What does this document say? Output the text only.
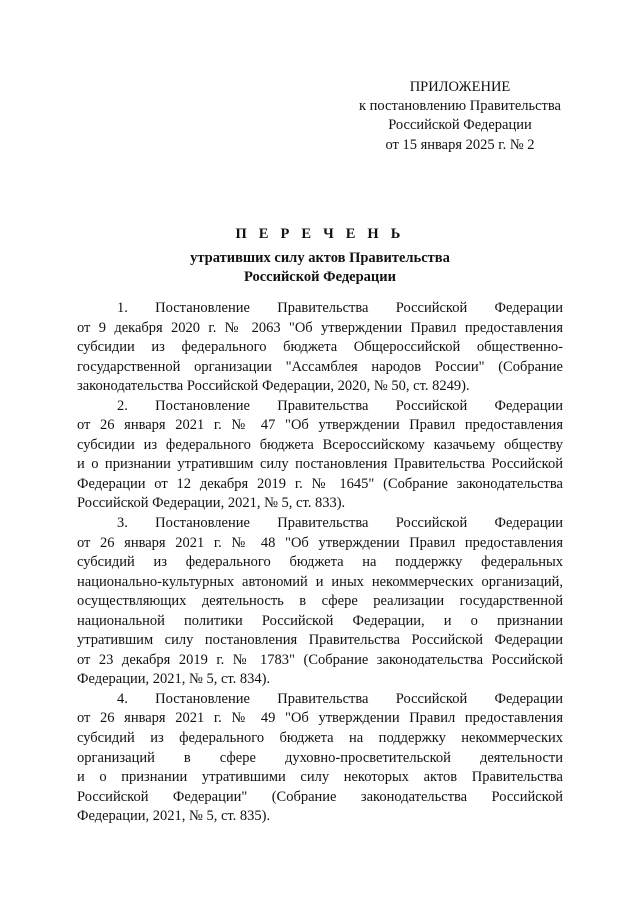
ПРИЛОЖЕНИЕ
к постановлению Правительства
Российской Федерации
от 15 января 2025 г. № 2
П Е Р Е Ч Е Н Ь
утративших силу актов Правительства
Российской Федерации
1. Постановление Правительства Российской Федерации
от 9 декабря 2020 г. № 2063 "Об утверждении Правил предоставления
субсидии из федерального бюджета Общероссийской общественно-
государственной организации "Ассамблея народов России" (Собрание
законодательства Российской Федерации, 2020, № 50, ст. 8249).
2. Постановление Правительства Российской Федерации
от 26 января 2021 г. № 47 "Об утверждении Правил предоставления
субсидии из федерального бюджета Всероссийскому казачьему обществу
и о признании утратившим силу постановления Правительства Российской
Федерации от 12 декабря 2019 г. № 1645" (Собрание законодательства
Российской Федерации, 2021, № 5, ст. 833).
3. Постановление Правительства Российской Федерации
от 26 января 2021 г. № 48 "Об утверждении Правил предоставления
субсидий из федерального бюджета на поддержку федеральных
национально-культурных автономий и иных некоммерческих организаций,
осуществляющих деятельность в сфере реализации государственной
национальной политики Российской Федерации, и о признании
утратившим силу постановления Правительства Российской Федерации
от 23 декабря 2019 г. № 1783" (Собрание законодательства Российской
Федерации, 2021, № 5, ст. 834).
4. Постановление Правительства Российской Федерации
от 26 января 2021 г. № 49 "Об утверждении Правил предоставления
субсидий из федерального бюджета на поддержку некоммерческих
организаций в сфере духовно-просветительской деятельности
и о признании утратившими силу некоторых актов Правительства
Российской Федерации" (Собрание законодательства Российской
Федерации, 2021, № 5, ст. 835).
